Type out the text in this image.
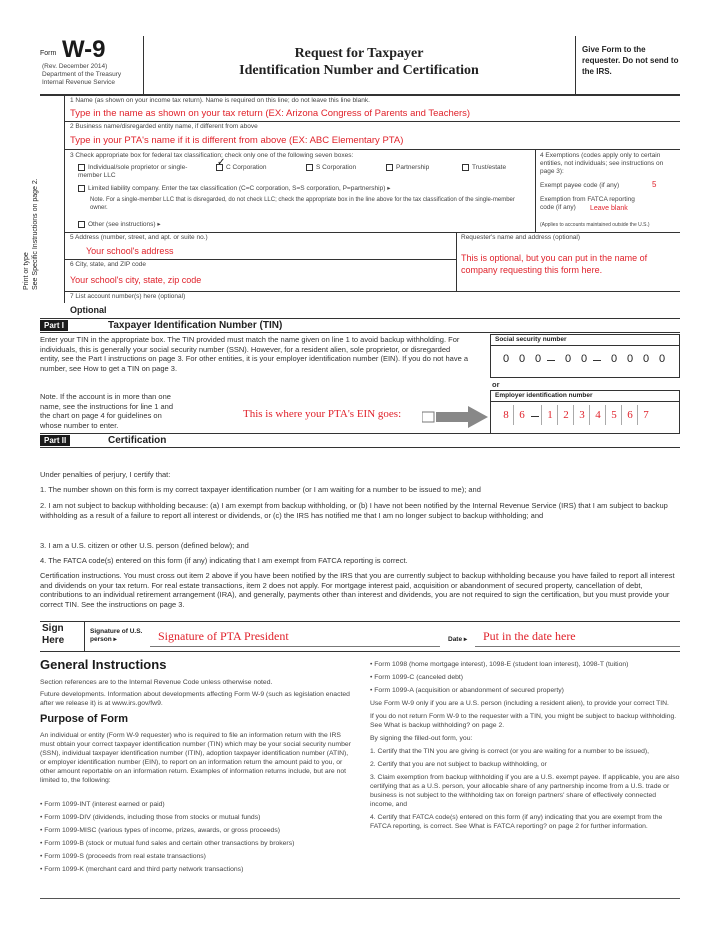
Form W-9
(Rev. December 2014)
Department of the Treasury
Internal Revenue Service
Request for Taxpayer
Identification Number and Certification
Give Form to the requester. Do not send to the IRS.
Print or type
See Specific Instructions on page 2.
1 Name (as shown on your income tax return). Name is required on this line; do not leave this line blank.
Type in the name as shown on your tax return (EX: Arizona Congress of Parents and Teachers)
2 Business name/disregarded entity name, if different from above
Type in your PTA's name if it is different from above (EX: ABC Elementary PTA)
3 Check appropriate box for federal tax classification; check only one of the following seven boxes:
Individual/sole proprietor or single-member LLC
✓ C Corporation	S Corporation	Partnership	Trust/estate
Limited liability company. Enter the tax classification (C=C corporation, S=S corporation, P=partnership) ▸
Note. For a single-member LLC that is disregarded, do not check LLC; check the appropriate box in the line above for the tax classification of the single-member owner.
Other (see instructions) ▸
4 Exemptions (codes apply only to certain entities, not individuals; see instructions on page 3):
Exempt payee code (if any)	5
Exemption from FATCA reporting code (if any)	Leave blank
(Applies to accounts maintained outside the U.S.)
5 Address (number, street, and apt. or suite no.)
Your school's address
Requester's name and address (optional)
This is optional, but you can put in the name of company requesting this form here.
6 City, state, and ZIP code
Your school's city, state, zip code
7 List account number(s) here (optional)
Optional
Part I	Taxpayer Identification Number (TIN)
Enter your TIN in the appropriate box. The TIN provided must match the name given on line 1 to avoid backup withholding. For individuals, this is generally your social security number (SSN). However, for a resident alien, sole proprietor, or disregarded entity, see the Part I instructions on page 3. For other entities, it is your employer identification number (EIN). If you do not have a number, see How to get a TIN on page 3.
Note. If the account is in more than one name, see the instructions for line 1 and the chart on page 4 for guidelines on whose number to enter.
Social security number
0 0 0	0 0	0 0 0 0
or
Employer identification number
8 6	1 2 3 4 5 6 7
This is where your PTA's EIN goes:
Part II	Certification
Under penalties of perjury, I certify that:
1. The number shown on this form is my correct taxpayer identification number (or I am waiting for a number to be issued to me); and
2. I am not subject to backup withholding because: (a) I am exempt from backup withholding, or (b) I have not been notified by the Internal Revenue Service (IRS) that I am subject to backup withholding as a result of a failure to report all interest or dividends, or (c) the IRS has notified me that I am no longer subject to backup withholding; and
3. I am a U.S. citizen or other U.S. person (defined below); and
4. The FATCA code(s) entered on this form (if any) indicating that I am exempt from FATCA reporting is correct.
Certification instructions. You must cross out item 2 above if you have been notified by the IRS that you are currently subject to backup withholding because you have failed to report all interest and dividends on your tax return. For real estate transactions, item 2 does not apply. For mortgage interest paid, acquisition or abandonment of secured property, cancellation of debt, contributions to an individual retirement arrangement (IRA), and generally, payments other than interest and dividends, you are not required to sign the certification, but you must provide your correct TIN. See the instructions on page 3.
Sign Here
Signature of U.S. person ▸	Signature of PTA President	Date ▸ Put in the date here
General Instructions
Section references are to the Internal Revenue Code unless otherwise noted.
Future developments. Information about developments affecting Form W-9 (such as legislation enacted after we release it) is at www.irs.gov/fw9.
Purpose of Form
An individual or entity (Form W-9 requester) who is required to file an information return with the IRS must obtain your correct taxpayer identification number (TIN) which may be your social security number (SSN), individual taxpayer identification number (ITIN), adoption taxpayer identification number (ATIN), or employer identification number (EIN), to report on an information return the amount paid to you, or other amount reportable on an information return. Examples of information returns include, but are not limited to, the following:
• Form 1099-INT (interest earned or paid)
• Form 1099-DIV (dividends, including those from stocks or mutual funds)
• Form 1099-MISC (various types of income, prizes, awards, or gross proceeds)
• Form 1099-B (stock or mutual fund sales and certain other transactions by brokers)
• Form 1099-S (proceeds from real estate transactions)
• Form 1099-K (merchant card and third party network transactions)
• Form 1098 (home mortgage interest), 1098-E (student loan interest), 1098-T (tuition)
• Form 1099-C (canceled debt)
• Form 1099-A (acquisition or abandonment of secured property)
Use Form W-9 only if you are a U.S. person (including a resident alien), to provide your correct TIN.
If you do not return Form W-9 to the requester with a TIN, you might be subject to backup withholding. See What is backup withholding? on page 2.
By signing the filled-out form, you:
1. Certify that the TIN you are giving is correct (or you are waiting for a number to be issued),
2. Certify that you are not subject to backup withholding, or
3. Claim exemption from backup withholding if you are a U.S. exempt payee. If applicable, you are also certifying that as a U.S. person, your allocable share of any partnership income from a U.S. trade or business is not subject to the withholding tax on foreign partners' share of effectively connected income, and
4. Certify that FATCA code(s) entered on this form (if any) indicating that you are exempt from the FATCA reporting, is correct. See What is FATCA reporting? on page 2 for further information.
